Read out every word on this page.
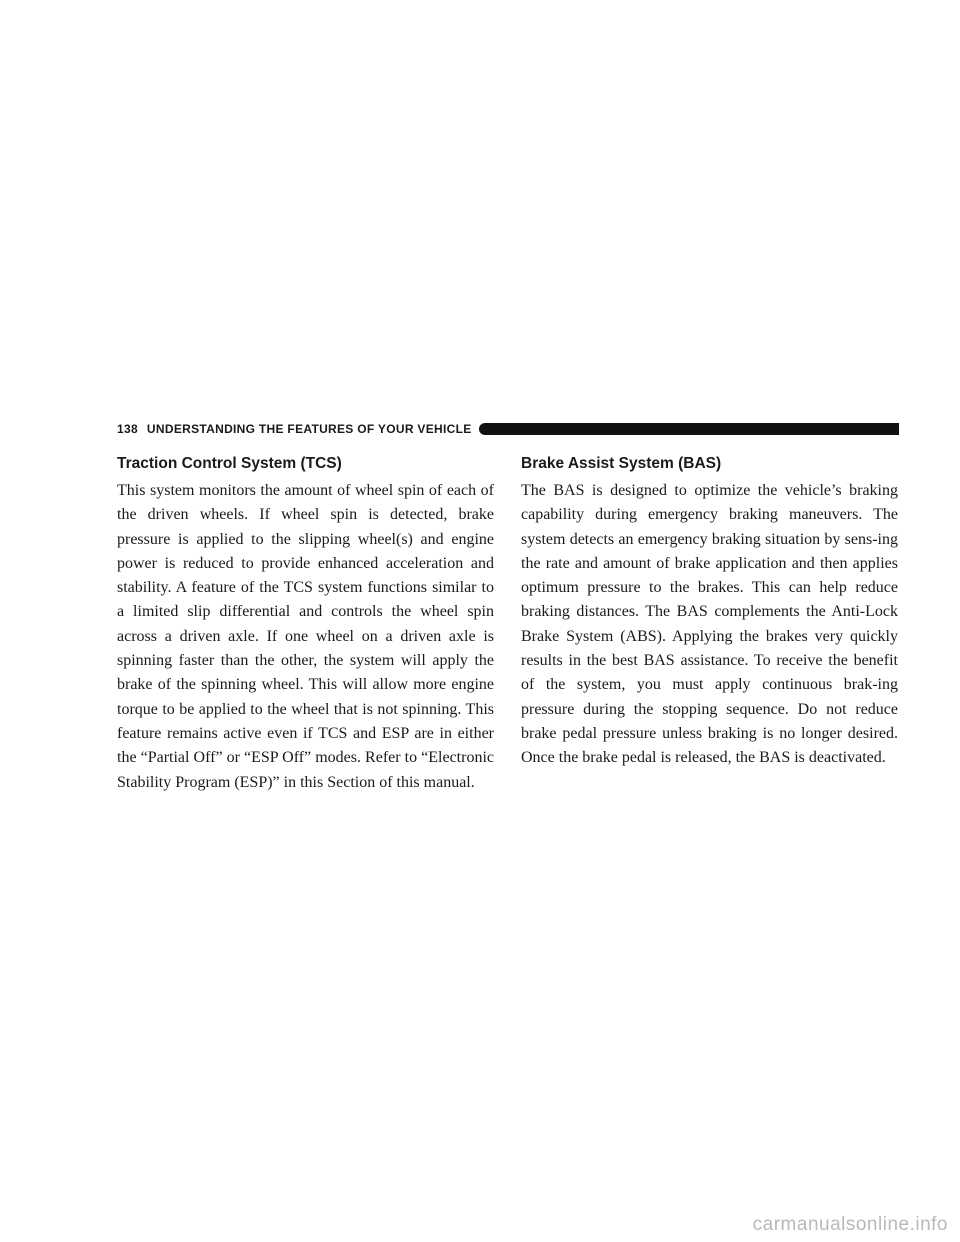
138 UNDERSTANDING THE FEATURES OF YOUR VEHICLE
Traction Control System (TCS)

This system monitors the amount of wheel spin of each of the driven wheels. If wheel spin is detected, brake pressure is applied to the slipping wheel(s) and engine power is reduced to provide enhanced acceleration and stability. A feature of the TCS system functions similar to a limited slip differential and controls the wheel spin across a driven axle. If one wheel on a driven axle is spinning faster than the other, the system will apply the brake of the spinning wheel. This will allow more engine torque to be applied to the wheel that is not spinning. This feature remains active even if TCS and ESP are in either the “Partial Off” or “ESP Off” modes. Refer to “Electronic Stability Program (ESP)” in this Section of this manual.

Brake Assist System (BAS)

The BAS is designed to optimize the vehicle’s braking capability during emergency braking maneuvers. The system detects an emergency braking situation by sens-ing the rate and amount of brake application and then applies optimum pressure to the brakes. This can help reduce braking distances. The BAS complements the Anti-Lock Brake System (ABS). Applying the brakes very quickly results in the best BAS assistance. To receive the benefit of the system, you must apply continuous brak-ing pressure during the stopping sequence. Do not reduce brake pedal pressure unless braking is no longer desired. Once the brake pedal is released, the BAS is deactivated.

carmanualsonline.info
